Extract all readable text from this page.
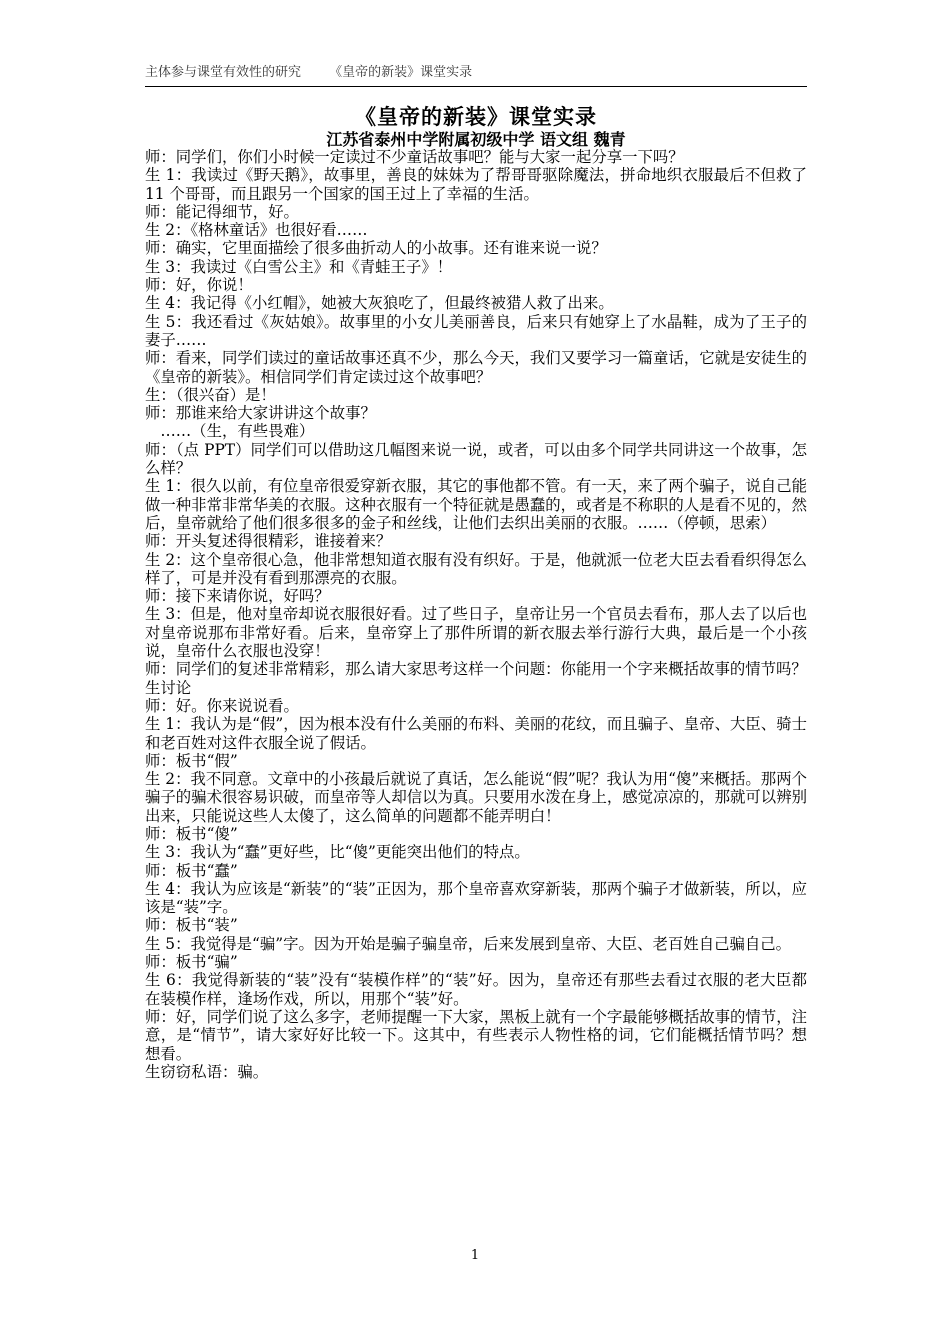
主体参与课堂有效性的研究 《皇帝的新装》课堂实录
《皇帝的新装》课堂实录
江苏省泰州中学附属初级中学 语文组 魏青

师：同学们，你们小时候一定读过不少童话故事吧？能与大家一起分享一下吗？

生 1：我读过《野天鹅》，故事里，善良的妹妹为了帮哥哥驱除魔法，拼命地织衣服最后不但救了 11 个哥哥，而且跟另一个国家的国王过上了幸福的生活。

师：能记得细节，好。

生 2：《格林童话》也很好看……

师：确实，它里面描绘了很多曲折动人的小故事。还有谁来说一说？

生 3：我读过《白雪公主》和《青蛙王子》！

师：好，你说！

生 4：我记得《小红帽》，她被大灰狼吃了，但最终被猎人救了出来。

生 5：我还看过《灰姑娘》。故事里的小女儿美丽善良，后来只有她穿上了水晶鞋，成为了王子的妻子……

师：看来，同学们读过的童话故事还真不少，那么今天，我们又要学习一篇童话，它就是安徒生的《皇帝的新装》。相信同学们肯定读过这个故事吧？

生：（很兴奋）是！

师：那谁来给大家讲讲这个故事？

　……（生，有些畏难）

师：（点 PPT）同学们可以借助这几幅图来说一说，或者，可以由多个同学共同讲这一个故事，怎么样？

生 1：很久以前，有位皇帝很爱穿新衣服，其它的事他都不管。有一天，来了两个骗子，说自己能做一种非常非常华美的衣服。这种衣服有一个特征就是愚蠢的，或者是不称职的人是看不见的，然后，皇帝就给了他们很多很多的金子和丝线，让他们去织出美丽的衣服。……（停顿，思索）

师：开头复述得很精彩，谁接着来？

生 2：这个皇帝很心急，他非常想知道衣服有没有织好。于是，他就派一位老大臣去看看织得怎么样了，可是并没有看到那漂亮的衣服。

师：接下来请你说，好吗？

生 3：但是，他对皇帝却说衣服很好看。过了些日子，皇帝让另一个官员去看布，那人去了以后也对皇帝说那布非常好看。后来，皇帝穿上了那件所谓的新衣服去举行游行大典，最后是一个小孩说，皇帝什么衣服也没穿！

师：同学们的复述非常精彩，那么请大家思考这样一个问题：你能用一个字来概括故事的情节吗？

生讨论

师：好。你来说说看。

生 1：我认为是“假”，因为根本没有什么美丽的布料、美丽的花纹，而且骗子、皇帝、大臣、骑士和老百姓对这件衣服全说了假话。

师：板书“假”

生 2：我不同意。文章中的小孩最后就说了真话，怎么能说“假”呢？我认为用“傻”来概括。那两个骗子的骗术很容易识破，而皇帝等人却信以为真。只要用水泼在身上，感觉凉凉的，那就可以辨别出来，只能说这些人太傻了，这么简单的问题都不能弄明白！

师：板书“傻”

生 3：我认为“蠢”更好些，比“傻”更能突出他们的特点。

师：板书“蠢”

生 4：我认为应该是“新装”的“装”正因为，那个皇帝喜欢穿新装，那两个骗子才做新装，所以，应该是“装”字。

师：板书“装”

生 5：我觉得是“骗”字。因为开始是骗子骗皇帝，后来发展到皇帝、大臣、老百姓自己骗自己。

师：板书“骗”

生 6：我觉得新装的“装”没有“装模作样”的“装”好。因为，皇帝还有那些去看过衣服的老大臣都在装模作样，逢场作戏，所以，用那个“装”好。

师：好，同学们说了这么多字，老师提醒一下大家，黑板上就有一个字最能够概括故事的情节，注意，是“情节”，请大家好好比较一下。这其中，有些表示人物性格的词，它们能概括情节吗？想想看。

生窃窃私语：骗。

1
